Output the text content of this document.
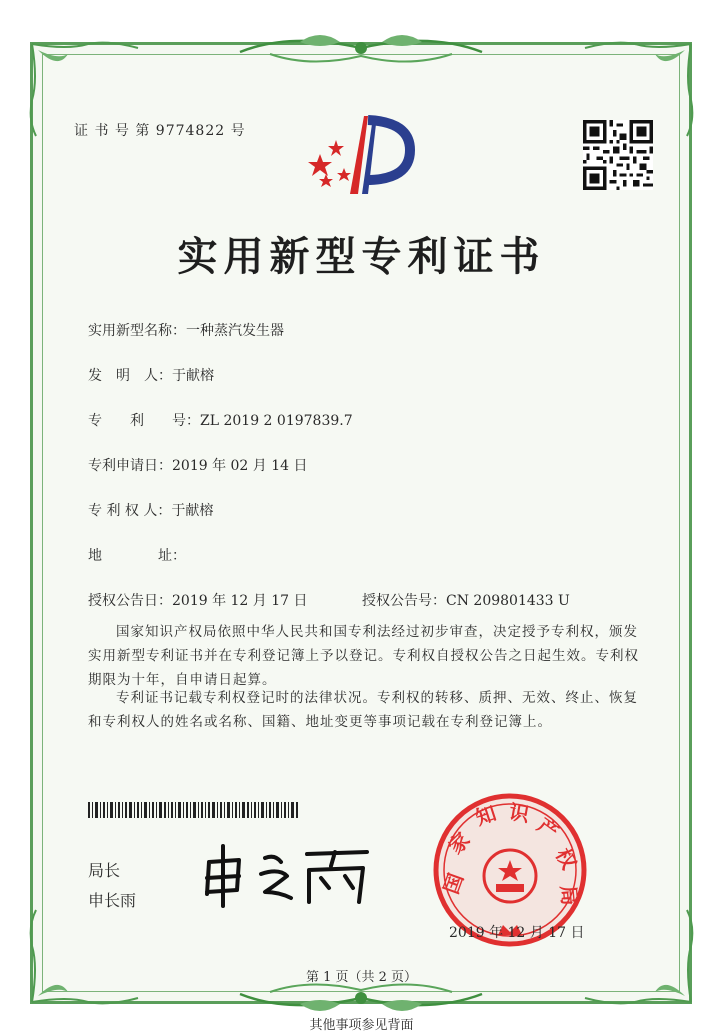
证 书 号 第 9774822 号
实用新型专利证书
实用新型名称：一种蒸汽发生器
发　明　人：于献榕
专　　利　　号：ZL 2019 2 0197839.7
专利申请日：2019 年 02 月 14 日
专 利 权 人：于献榕
地　　　　址：
授权公告日：2019 年 12 月 17 日	授权公告号：CN 209801433 U
国家知识产权局依照中华人民共和国专利法经过初步审查，决定授予专利权，颁发实用新型专利证书并在专利登记簿上予以登记。专利权自授权公告之日起生效。专利权期限为十年，自申请日起算。
专利证书记载专利权登记时的法律状况。专利权的转移、质押、无效、终止、恢复和专利权人的姓名或名称、国籍、地址变更等事项记载在专利登记簿上。
局长
申长雨
国
家
知 识 产
权
局
2019 年 12 月 17 日
第 1 页（共 2 页）
其他事项参见背面
